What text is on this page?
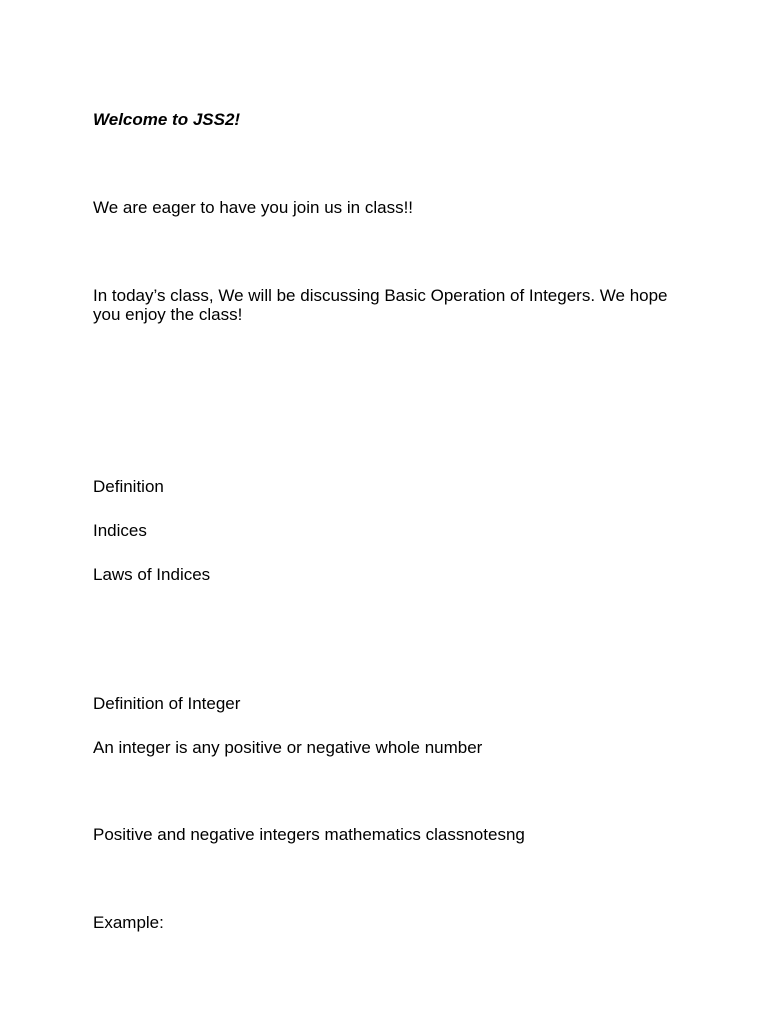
Welcome to JSS2!

We are eager to have you join us in class!!

In today’s class, We will be discussing Basic Operation of Integers. We hope you enjoy the class!

Definition

Indices

Laws of Indices

Definition of Integer

An integer is any positive or negative whole number

Positive and negative integers mathematics classnotesng

Example:
